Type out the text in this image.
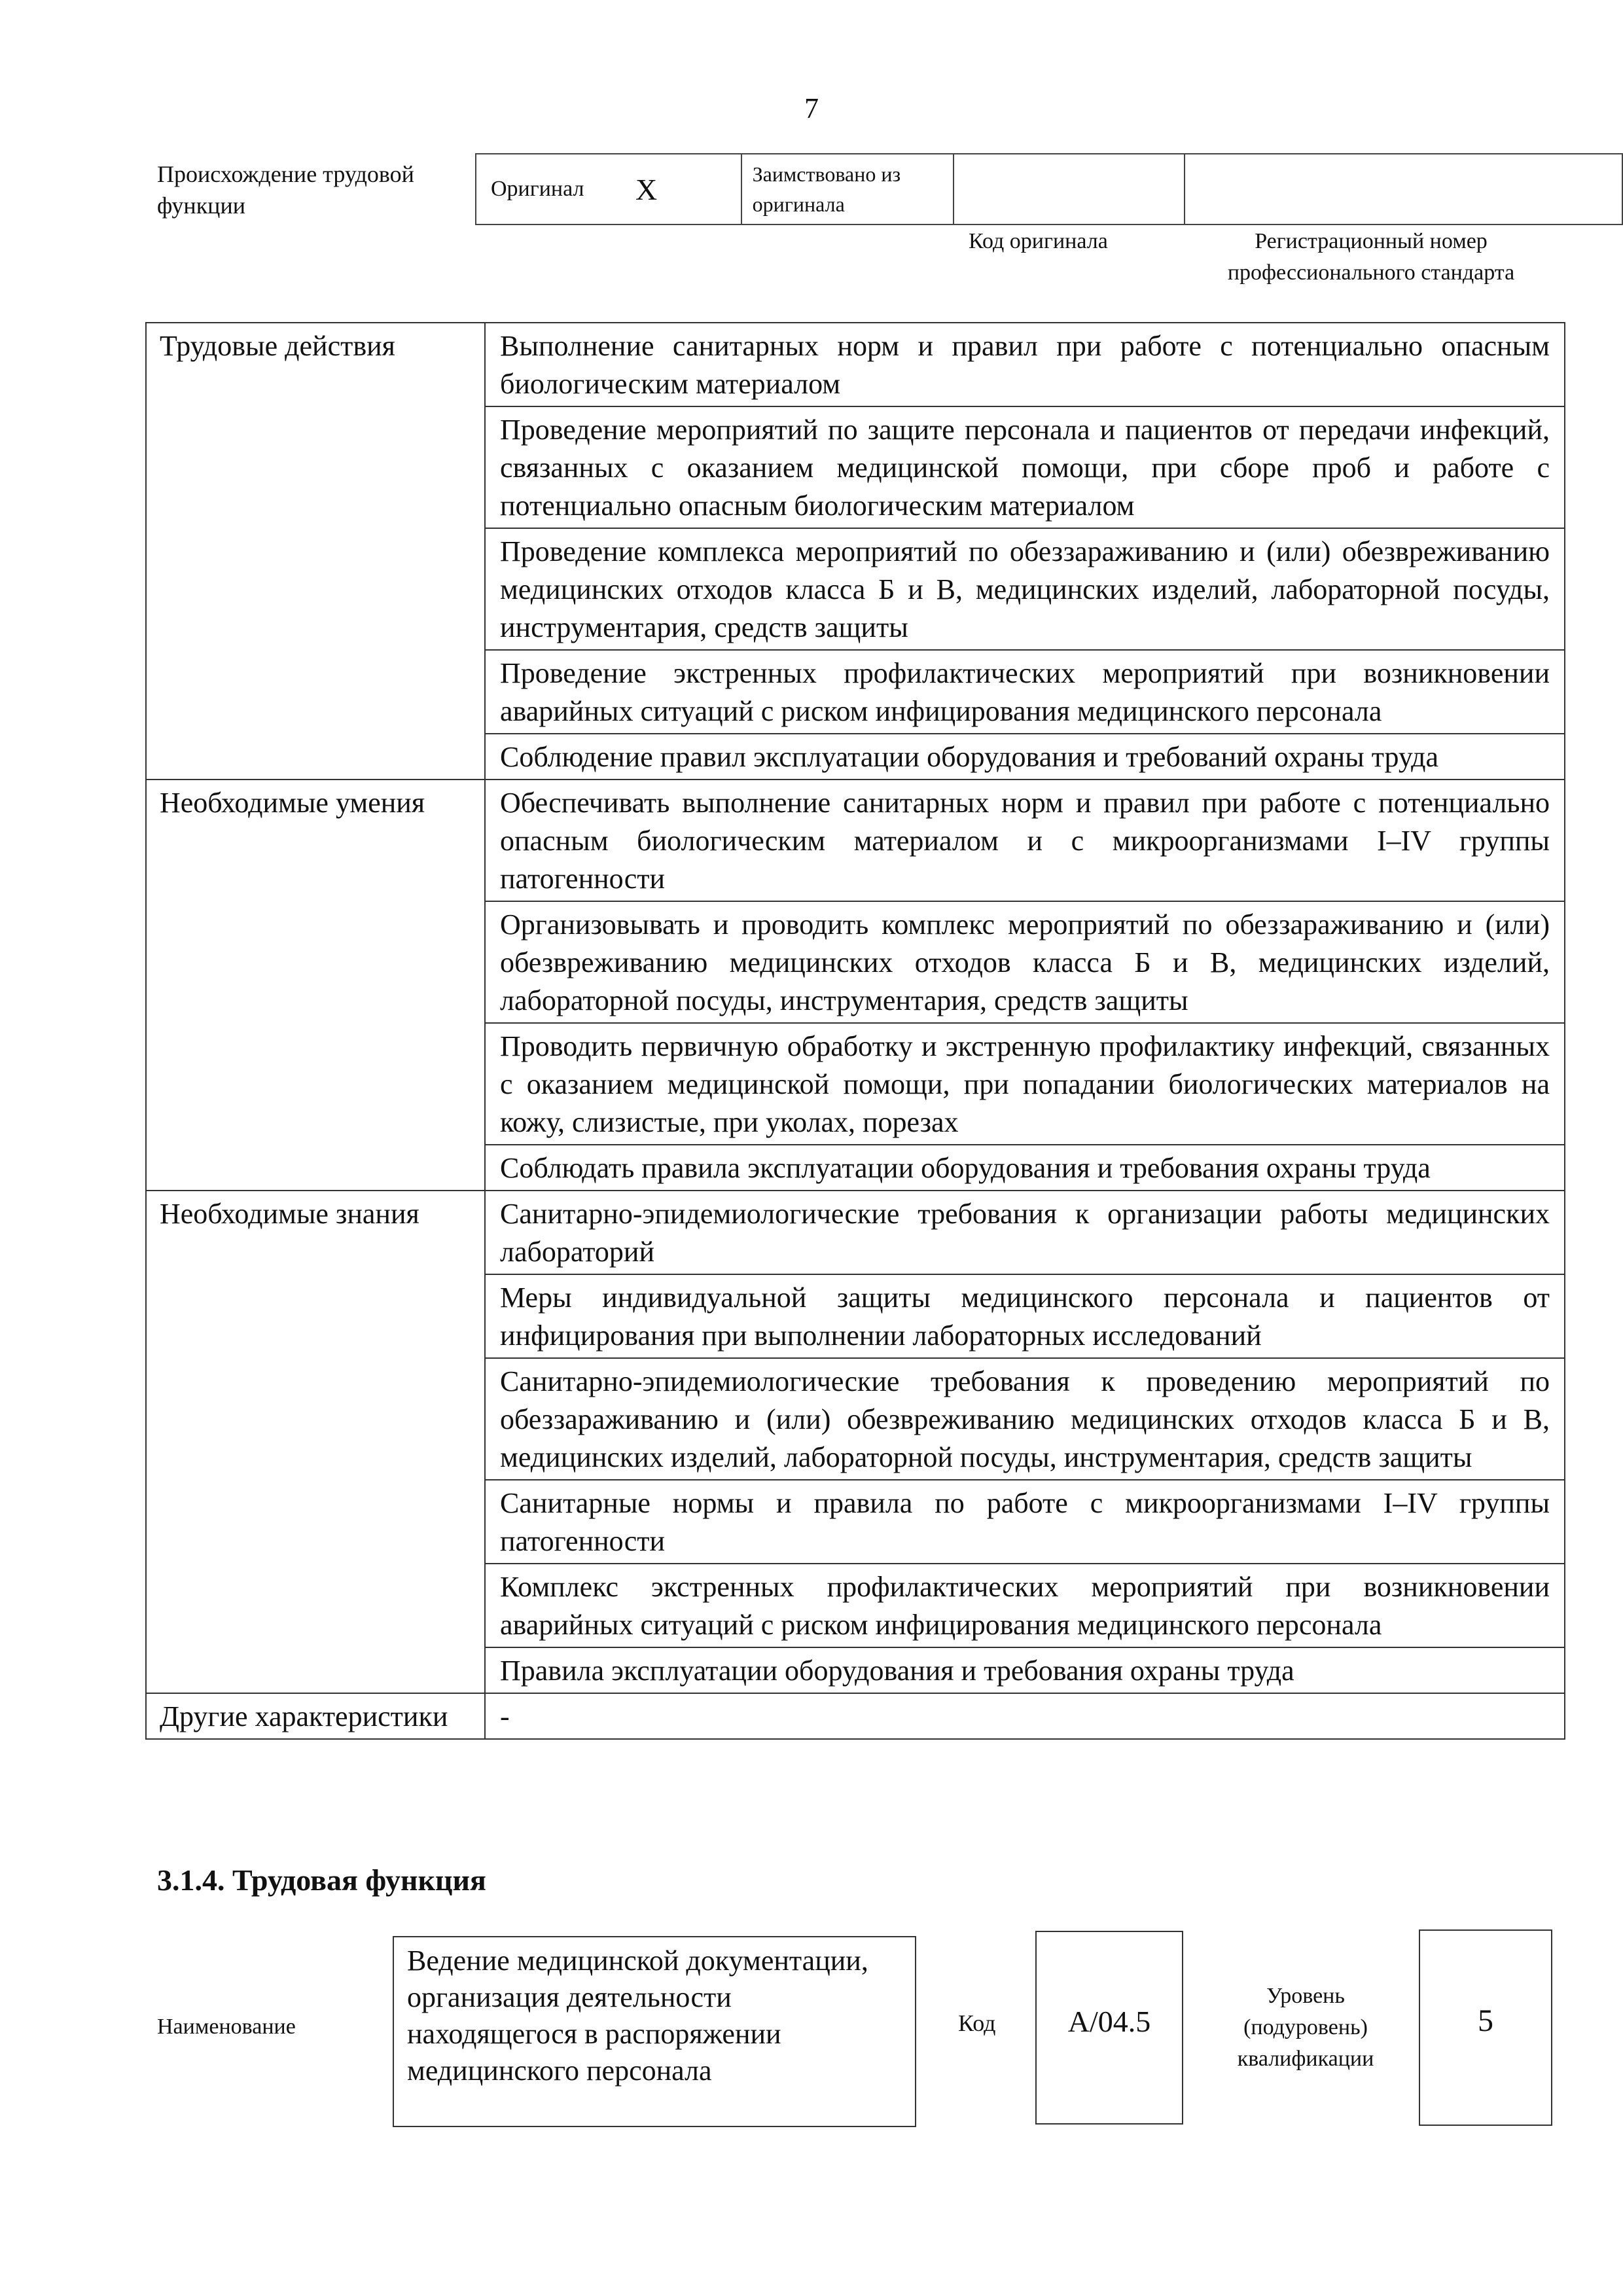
7
Происхождение трудовой функции
Оригинал X	Заимствовано из оригинала		
Код оригинала	Регистрационный номер профессионального стандарта
Трудовые действия	Выполнение санитарных норм и правил при работе с потенциально опасным биологическим материалом
	Проведение мероприятий по защите персонала и пациентов от передачи инфекций, связанных с оказанием медицинской помощи, при сборе проб и работе с потенциально опасным биологическим материалом
	Проведение комплекса мероприятий по обеззараживанию и (или) обезвреживанию медицинских отходов класса Б и В, медицинских изделий, лабораторной посуды, инструментария, средств защиты
	Проведение экстренных профилактических мероприятий при возникновении аварийных ситуаций с риском инфицирования медицинского персонала
	Соблюдение правил эксплуатации оборудования и требований охраны труда
Необходимые умения	Обеспечивать выполнение санитарных норм и правил при работе с потенциально опасным биологическим материалом и с микроорганизмами I–IV группы патогенности
	Организовывать и проводить комплекс мероприятий по обеззараживанию и (или) обезвреживанию медицинских отходов класса Б и В, медицинских изделий, лабораторной посуды, инструментария, средств защиты
	Проводить первичную обработку и экстренную профилактику инфекций, связанных с оказанием медицинской помощи, при попадании биологических материалов на кожу, слизистые, при уколах, порезах
	Соблюдать правила эксплуатации оборудования и требования охраны труда
Необходимые знания	Санитарно-эпидемиологические требования к организации работы медицинских лабораторий
	Меры индивидуальной защиты медицинского персонала и пациентов от инфицирования при выполнении лабораторных исследований
	Санитарно-эпидемиологические требования к проведению мероприятий по обеззараживанию и (или) обезвреживанию медицинских отходов класса Б и В, медицинских изделий, лабораторной посуды, инструментария, средств защиты
	Санитарные нормы и правила по работе с микроорганизмами I–IV группы патогенности
	Комплекс экстренных профилактических мероприятий при возникновении аварийных ситуаций с риском инфицирования медицинского персонала
	Правила эксплуатации оборудования и требования охраны труда
Другие характеристики	-
3.1.4. Трудовая функция
Наименование
Ведение медицинской документации, организация деятельности находящегося в распоряжении медицинского персонала
Код	A/04.5
Уровень (подуровень) квалификации
5
